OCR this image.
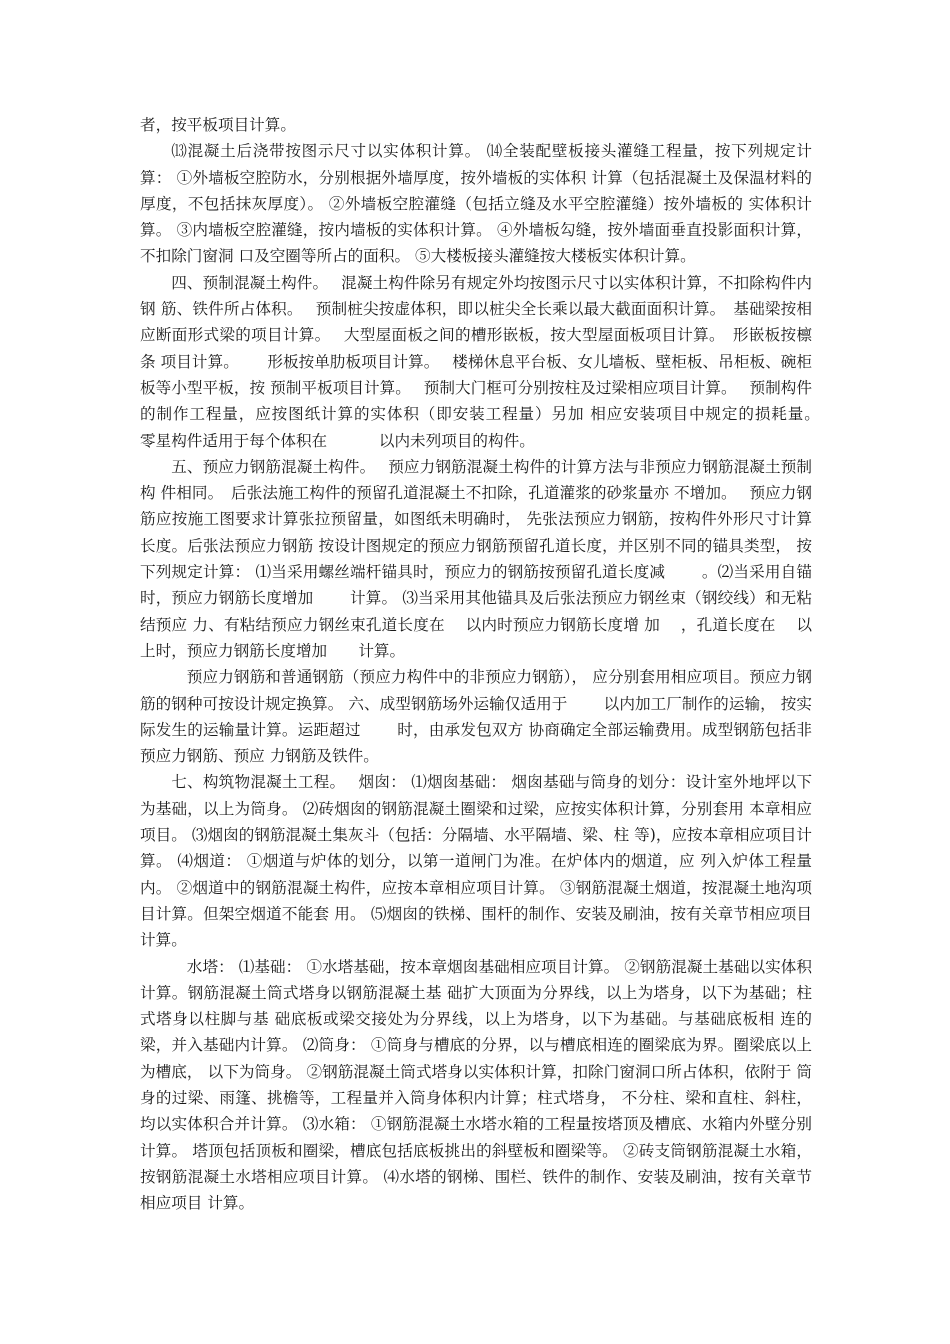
者，按平板项目计算。

⒀混凝土后浇带按图示尺寸以实体积计算。 ⒁全装配壁板接头灌缝工程量，按下列规定计算： ①外墙板空腔防水，分别根据外墙厚度，按外墙板的实体积 计算（包括混凝土及保温材料的厚度，不包括抹灰厚度）。 ②外墙板空腔灌缝（包括立缝及水平空腔灌缝）按外墙板的 实体积计算。 ③内墙板空腔灌缝，按内墙板的实体积计算。 ④外墙板勾缝，按外墙面垂直投影面积计算，不扣除门窗洞 口及空圈等所占的面积。 ⑤大楼板接头灌缝按大楼板实体积计算。

四、预制混凝土构件。　 混凝土构件除另有规定外均按图示尺寸以实体积计算，不扣除构件内钢 筋、铁件所占体积。　 预制桩尖按虚体积，即以桩尖全长乘以最大截面面积计算。　基础梁按相应断面形式梁的项目计算。　 大型屋面板之间的槽形嵌板，按大型屋面板项目计算。　形嵌板按檩条 项目计算。　　 形板按单肋板项目计算。　 楼梯休息平台板、女儿墙板、壁柜板、吊柜板、碗柜板等小型平板，按 预制平板项目计算。　 预制大门框可分别按柱及过梁相应项目计算。　 预制构件的制作工程量，应按图纸计算的实体积（即安装工程量）另加 相应安装项目中规定的损耗量。　 零星构件适用于每个体积在　　　 以内未列项目的构件。

五、预应力钢筋混凝土构件。　 预应力钢筋混凝土构件的计算方法与非预应力钢筋混凝土预制构 件相同。　后张法施工构件的预留孔道混凝土不扣除，孔道灌浆的砂浆量亦 不增加。　 预应力钢筋应按施工图要求计算张拉预留量，如图纸未明确时， 先张法预应力钢筋，按构件外形尺寸计算长度。后张法预应力钢筋 按设计图规定的预应力钢筋预留孔道长度，并区别不同的锚具类型， 按下列规定计算： ⑴当采用螺丝端杆锚具时，预应力的钢筋按预留孔道长度减　　 。⑵当采用自锚时，预应力钢筋长度增加　　 计算。 ⑶当采用其他锚具及后张法预应力钢丝束（钢绞线）和无粘结预应 力、有粘结预应力钢丝束孔道长度在　 以内时预应力钢筋长度增 加　 ，孔道长度在　 以上时，预应力钢筋长度增加　　计算。

预应力钢筋和普通钢筋（预应力构件中的非预应力钢筋）， 应分别套用相应项目。预应力钢筋的钢种可按设计规定换算。 六、成型钢筋场外运输仅适用于　　 以内加工厂制作的运输， 按实际发生的运输量计算。运距超过　　 时，由承发包双方 协商确定全部运输费用。成型钢筋包括非预应力钢筋、预应 力钢筋及铁件。

七、构筑物混凝土工程。　 烟囱： ⑴烟囱基础： 烟囱基础与筒身的划分：设计室外地坪以下为基础，以上为筒身。 ⑵砖烟囱的钢筋混凝土圈梁和过梁，应按实体积计算，分别套用 本章相应项目。 ⑶烟囱的钢筋混凝土集灰斗（包括：分隔墙、水平隔墙、梁、柱 等)，应按本章相应项目计算。 ⑷烟道： ①烟道与炉体的划分，以第一道闸门为准。在炉体内的烟道，应 列入炉体工程量内。 ②烟道中的钢筋混凝土构件，应按本章相应项目计算。 ③钢筋混凝土烟道，按混凝土地沟项目计算。但架空烟道不能套 用。 ⑸烟囱的铁梯、围杆的制作、安装及刷油，按有关章节相应项目 计算。

水塔： ⑴基础： ①水塔基础，按本章烟囱基础相应项目计算。 ②钢筋混凝土基础以实体积计算。钢筋混凝土筒式塔身以钢筋混凝土基 础扩大顶面为分界线，以上为塔身，以下为基础；柱式塔身以柱脚与基 础底板或梁交接处为分界线，以上为塔身，以下为基础。与基础底板相 连的梁，并入基础内计算。 ⑵筒身： ①筒身与槽底的分界，以与槽底相连的圈梁底为界。圈梁底以上为槽底， 以下为筒身。 ②钢筋混凝土筒式塔身以实体积计算，扣除门窗洞口所占体积，依附于 筒身的过梁、雨篷、挑檐等，工程量并入筒身体积内计算；柱式塔身， 不分柱、梁和直柱、斜柱，均以实体积合并计算。 ⑶水箱： ①钢筋混凝土水塔水箱的工程量按塔顶及槽底、水箱内外壁分别计算。 塔顶包括顶板和圈梁，槽底包括底板挑出的斜壁板和圈梁等。 ②砖支筒钢筋混凝土水箱，按钢筋混凝土水塔相应项目计算。 ⑷水塔的钢梯、围栏、铁件的制作、安装及刷油，按有关章节相应项目 计算。
